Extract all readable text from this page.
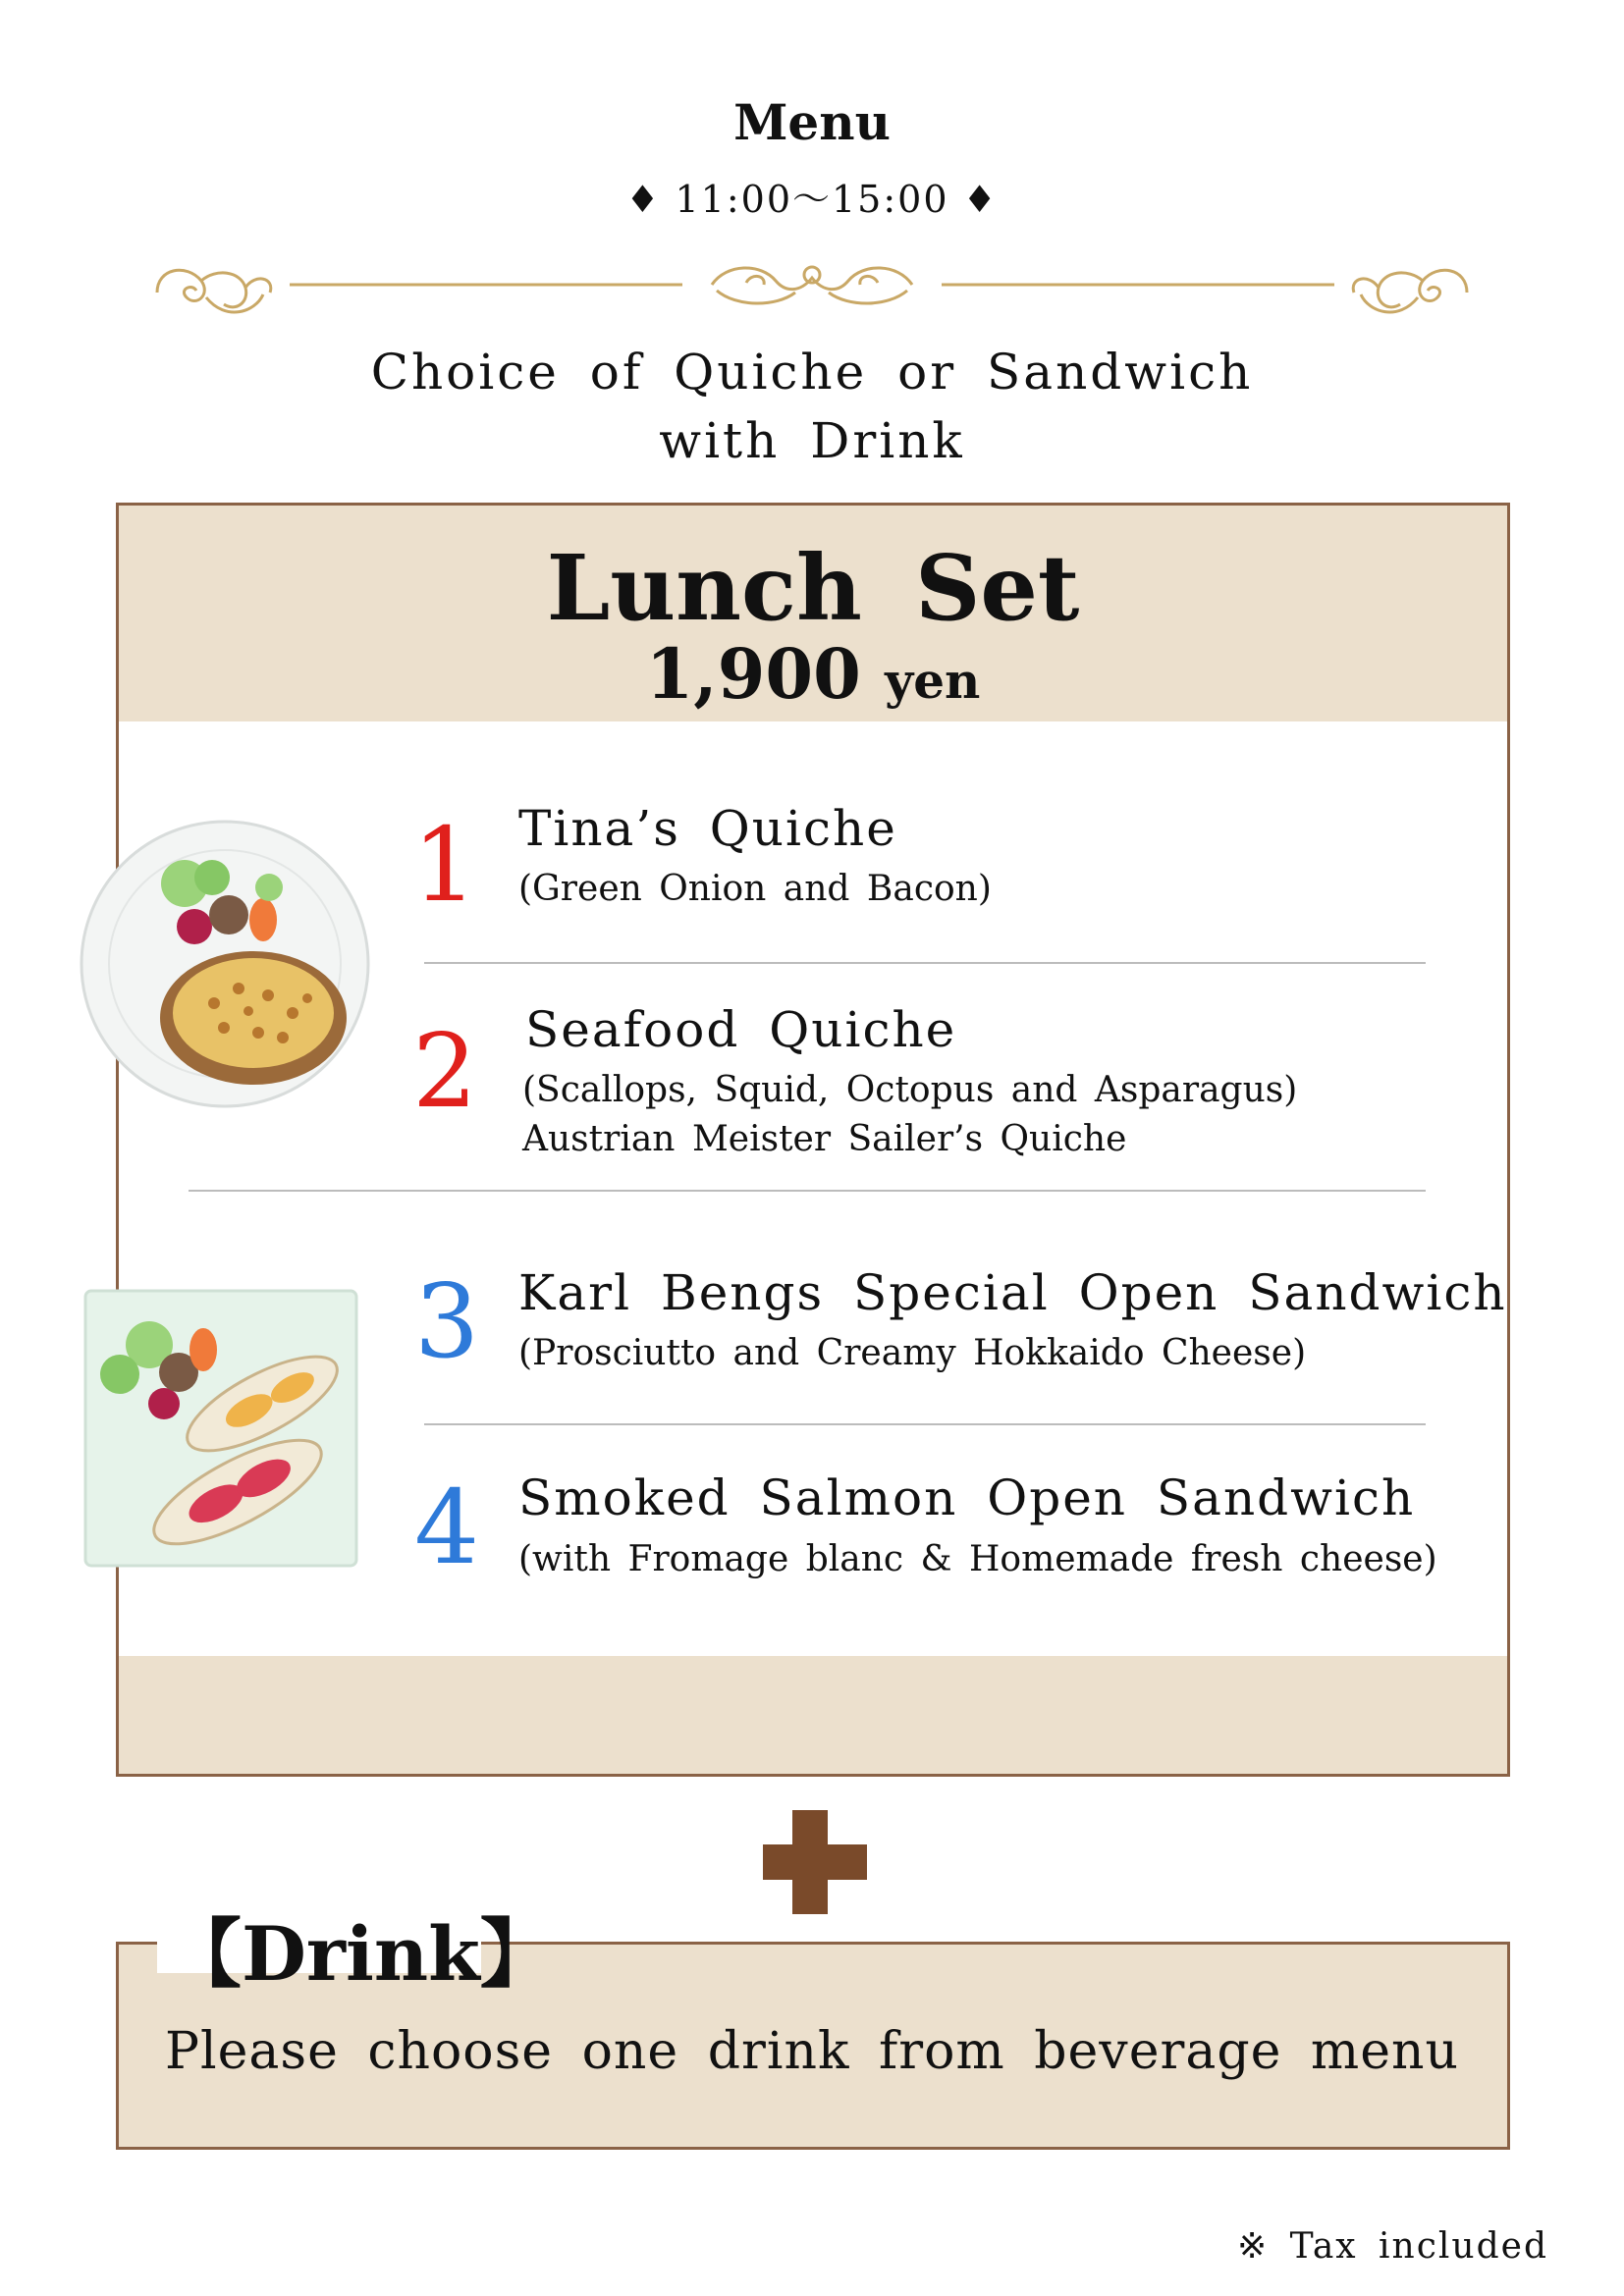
Menu
♦ 11:00～15:00 ♦
Choice of Quiche or Sandwich
with Drink
Lunch Set
1,900 yen
1 Tina’s Quiche
(Green Onion and Bacon)
2 Seafood Quiche
(Scallops, Squid, Octopus and Asparagus)
Austrian Meister Sailer’s Quiche
3 Karl Bengs Special Open Sandwich
(Prosciutto and Creamy Hokkaido Cheese)
4 Smoked Salmon Open Sandwich
(with Fromage blanc & Homemade fresh cheese)
【Drink】
Please choose one drink from beverage menu
※ Tax included
